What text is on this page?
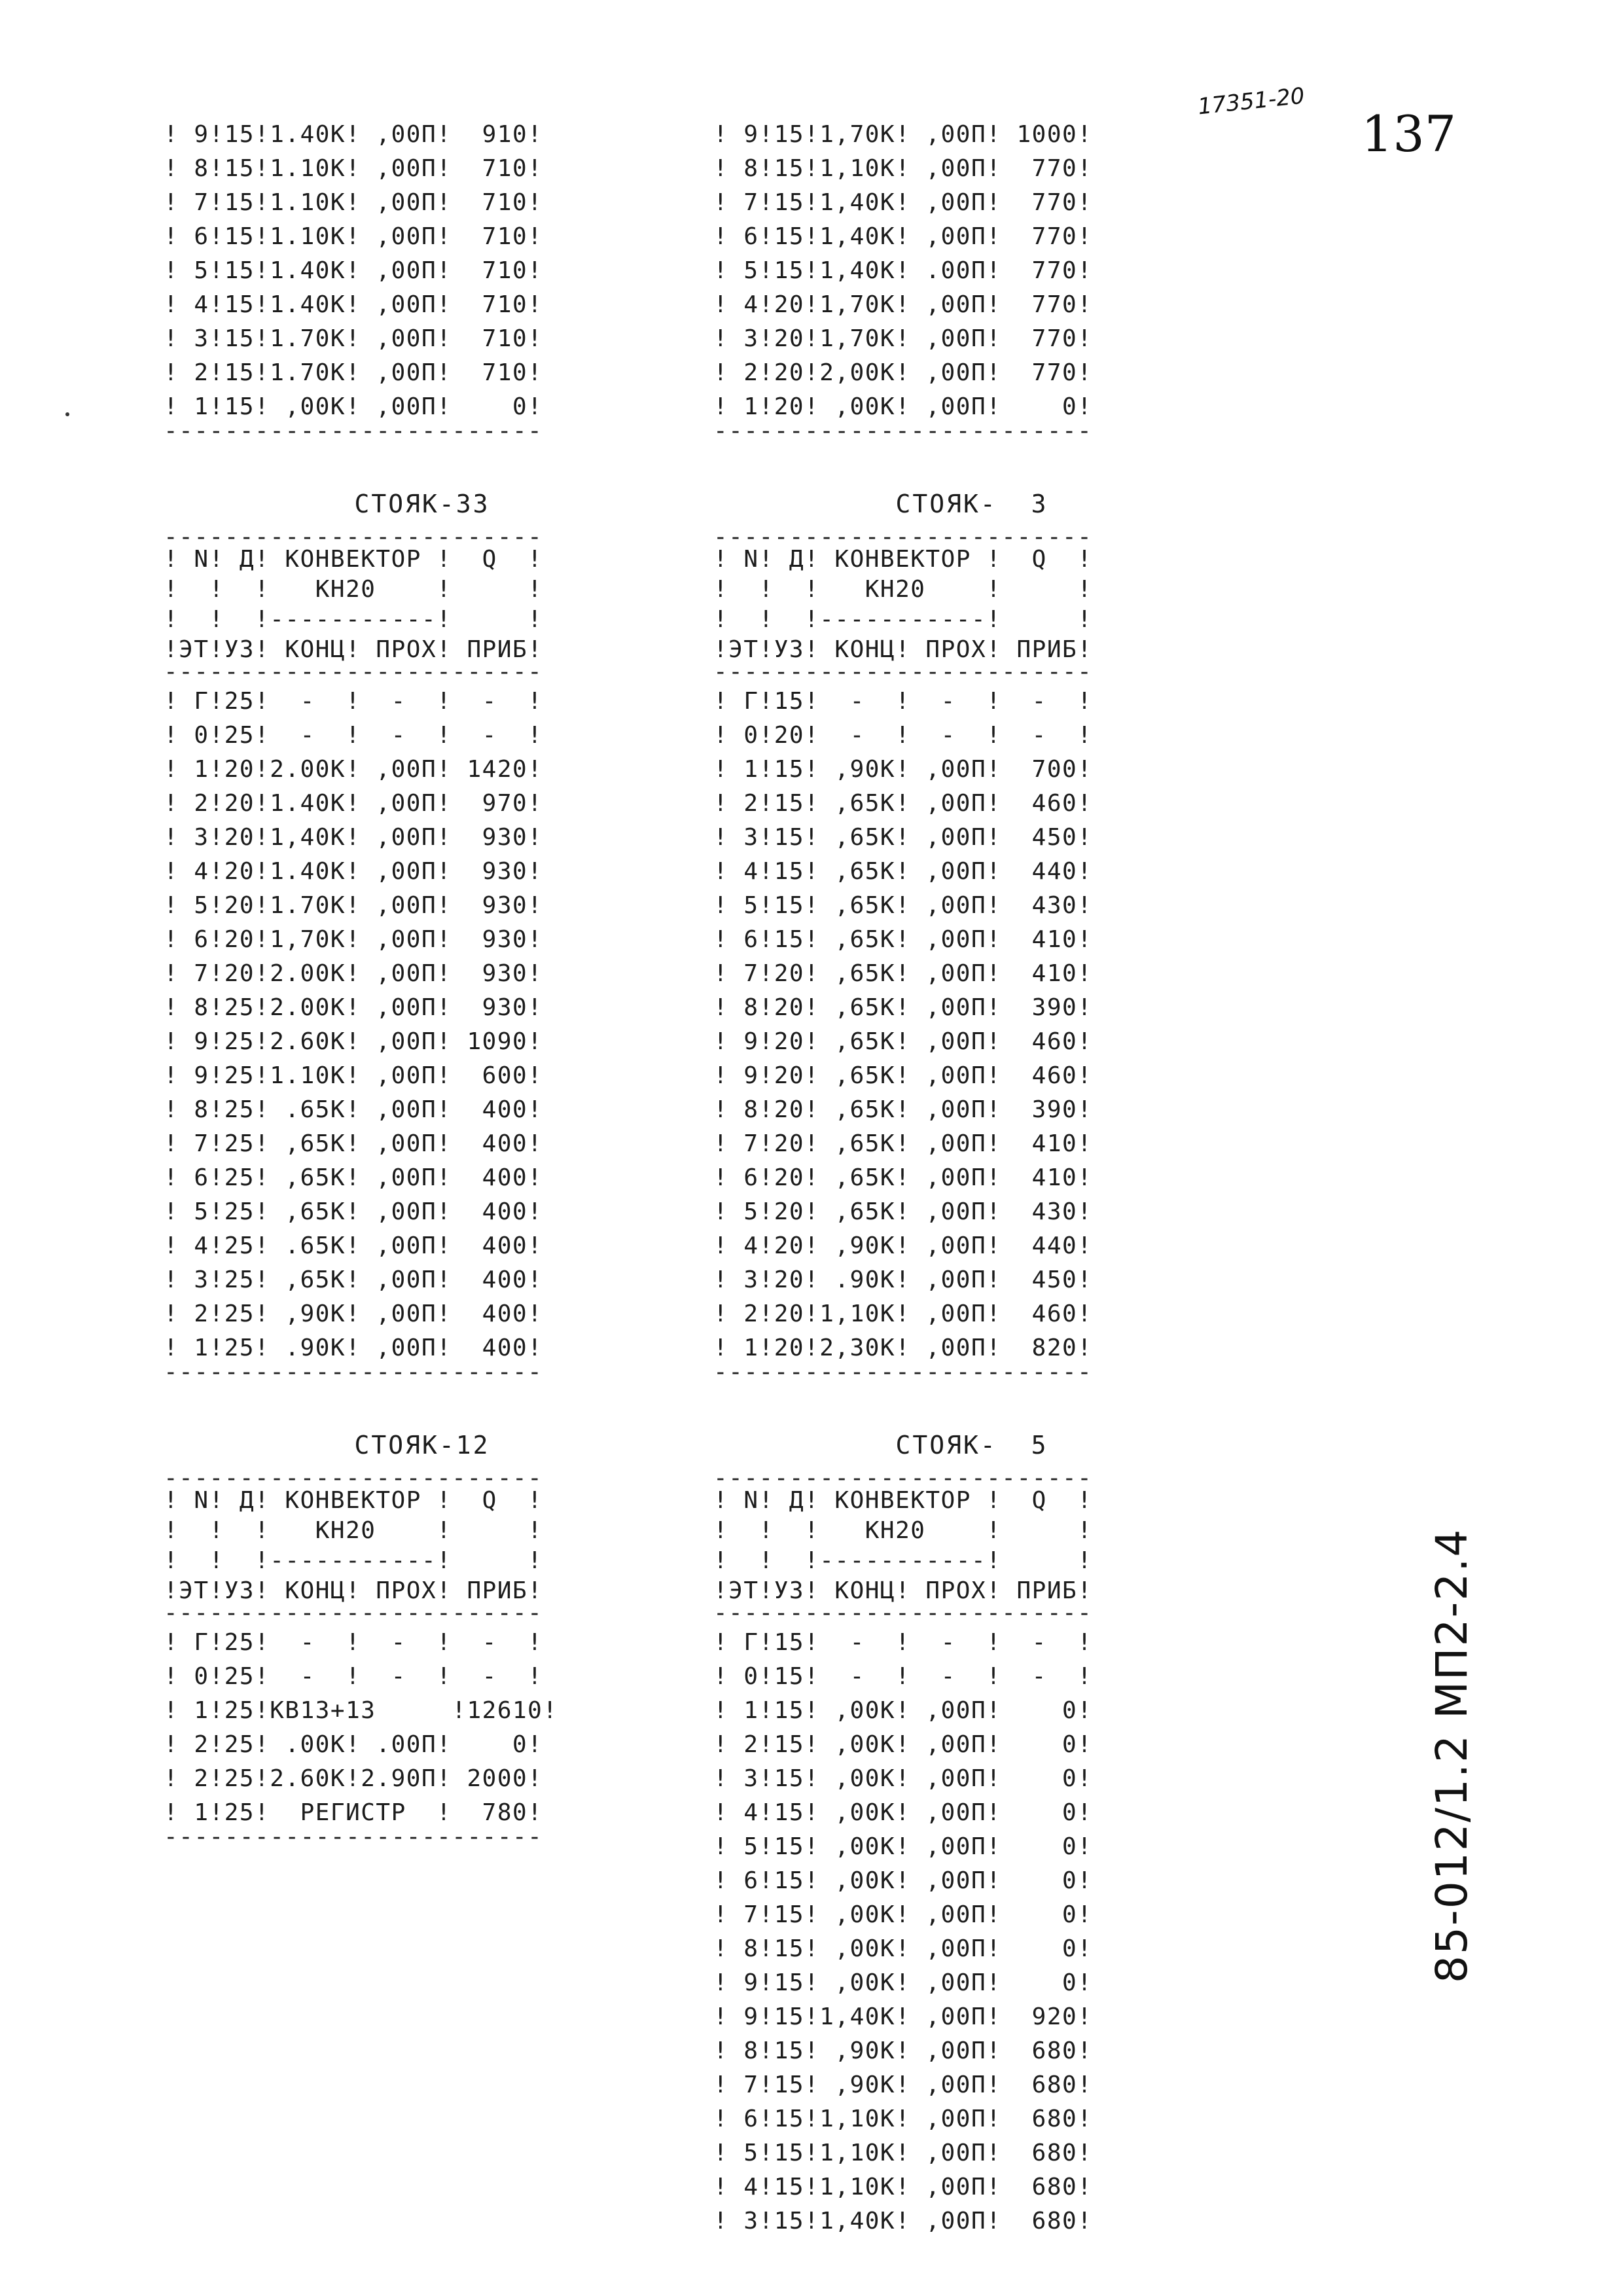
17351-20
137
85-012/1.2 МП2-2.4
! 9!15!1.40К! ,00П!  910!
! 8!15!1.10К! ,00П!  710!
! 7!15!1.10К! ,00П!  710!
! 6!15!1.10К! ,00П!  710!
! 5!15!1.40К! ,00П!  710!
! 4!15!1.40К! ,00П!  710!
! 3!15!1.70К! ,00П!  710!
! 2!15!1.70К! ,00П!  710!
! 1!15! ,00К! ,00П!    0!
-------------------------
СТОЯК-33
-------------------------
! N! Д! КОНВЕКТОР !  Q  !
!  !  !   КН20    !     !
!  !  !-----------!     !
!ЭТ!УЗ! КОНЦ! ПРОХ! ПРИБ!
-------------------------
! Г!25!  -  !  -  !  -  !
! 0!25!  -  !  -  !  -  !
! 1!20!2.00К! ,00П! 1420!
! 2!20!1.40К! ,00П!  970!
! 3!20!1,40К! ,00П!  930!
! 4!20!1.40К! ,00П!  930!
! 5!20!1.70К! ,00П!  930!
! 6!20!1,70К! ,00П!  930!
! 7!20!2.00К! ,00П!  930!
! 8!25!2.00К! ,00П!  930!
! 9!25!2.60К! ,00П! 1090!
! 9!25!1.10К! ,00П!  600!
! 8!25! .65К! ,00П!  400!
! 7!25! ,65К! ,00П!  400!
! 6!25! ,65К! ,00П!  400!
! 5!25! ,65К! ,00П!  400!
! 4!25! .65К! ,00П!  400!
! 3!25! ,65К! ,00П!  400!
! 2!25! ,90К! ,00П!  400!
! 1!25! .90К! ,00П!  400!
-------------------------
СТОЯК-12
-------------------------
! N! Д! КОНВЕКТОР !  Q  !
!  !  !   КН20    !     !
!  !  !-----------!     !
!ЭТ!УЗ! КОНЦ! ПРОХ! ПРИБ!
-------------------------
! Г!25!  -  !  -  !  -  !
! 0!25!  -  !  -  !  -  !
! 1!25!КВ13+13     !12610!
! 2!25! .00К! .00П!    0!
! 2!25!2.60К!2.90П! 2000!
! 1!25!  РЕГИСТР  !  780!
-------------------------
! 9!15!1,70К! ,00П! 1000!
! 8!15!1,10К! ,00П!  770!
! 7!15!1,40К! ,00П!  770!
! 6!15!1,40К! ,00П!  770!
! 5!15!1,40К! .00П!  770!
! 4!20!1,70К! ,00П!  770!
! 3!20!1,70К! ,00П!  770!
! 2!20!2,00К! ,00П!  770!
! 1!20! ,00К! ,00П!    0!
-------------------------
СТОЯК-  3
-------------------------
! N! Д! КОНВЕКТОР !  Q  !
!  !  !   КН20    !     !
!  !  !-----------!     !
!ЭТ!УЗ! КОНЦ! ПРОХ! ПРИБ!
-------------------------
! Г!15!  -  !  -  !  -  !
! 0!20!  -  !  -  !  -  !
! 1!15! ,90К! ,00П!  700!
! 2!15! ,65К! ,00П!  460!
! 3!15! ,65К! ,00П!  450!
! 4!15! ,65К! ,00П!  440!
! 5!15! ,65К! ,00П!  430!
! 6!15! ,65К! ,00П!  410!
! 7!20! ,65К! ,00П!  410!
! 8!20! ,65К! ,00П!  390!
! 9!20! ,65К! ,00П!  460!
! 9!20! ,65К! ,00П!  460!
! 8!20! ,65К! ,00П!  390!
! 7!20! ,65К! ,00П!  410!
! 6!20! ,65К! ,00П!  410!
! 5!20! ,65К! ,00П!  430!
! 4!20! ,90К! ,00П!  440!
! 3!20! .90К! ,00П!  450!
! 2!20!1,10К! ,00П!  460!
! 1!20!2,30К! ,00П!  820!
-------------------------
СТОЯК-  5
-------------------------
! N! Д! КОНВЕКТОР !  Q  !
!  !  !   КН20    !     !
!  !  !-----------!     !
!ЭТ!УЗ! КОНЦ! ПРОХ! ПРИБ!
-------------------------
! Г!15!  -  !  -  !  -  !
! 0!15!  -  !  -  !  -  !
! 1!15! ,00К! ,00П!    0!
! 2!15! ,00К! ,00П!    0!
! 3!15! ,00К! ,00П!    0!
! 4!15! ,00К! ,00П!    0!
! 5!15! ,00К! ,00П!    0!
! 6!15! ,00К! ,00П!    0!
! 7!15! ,00К! ,00П!    0!
! 8!15! ,00К! ,00П!    0!
! 9!15! ,00К! ,00П!    0!
! 9!15!1,40К! ,00П!  920!
! 8!15! ,90К! ,00П!  680!
! 7!15! ,90К! ,00П!  680!
! 6!15!1,10К! ,00П!  680!
! 5!15!1,10К! ,00П!  680!
! 4!15!1,10К! ,00П!  680!
! 3!15!1,40К! ,00П!  680!
